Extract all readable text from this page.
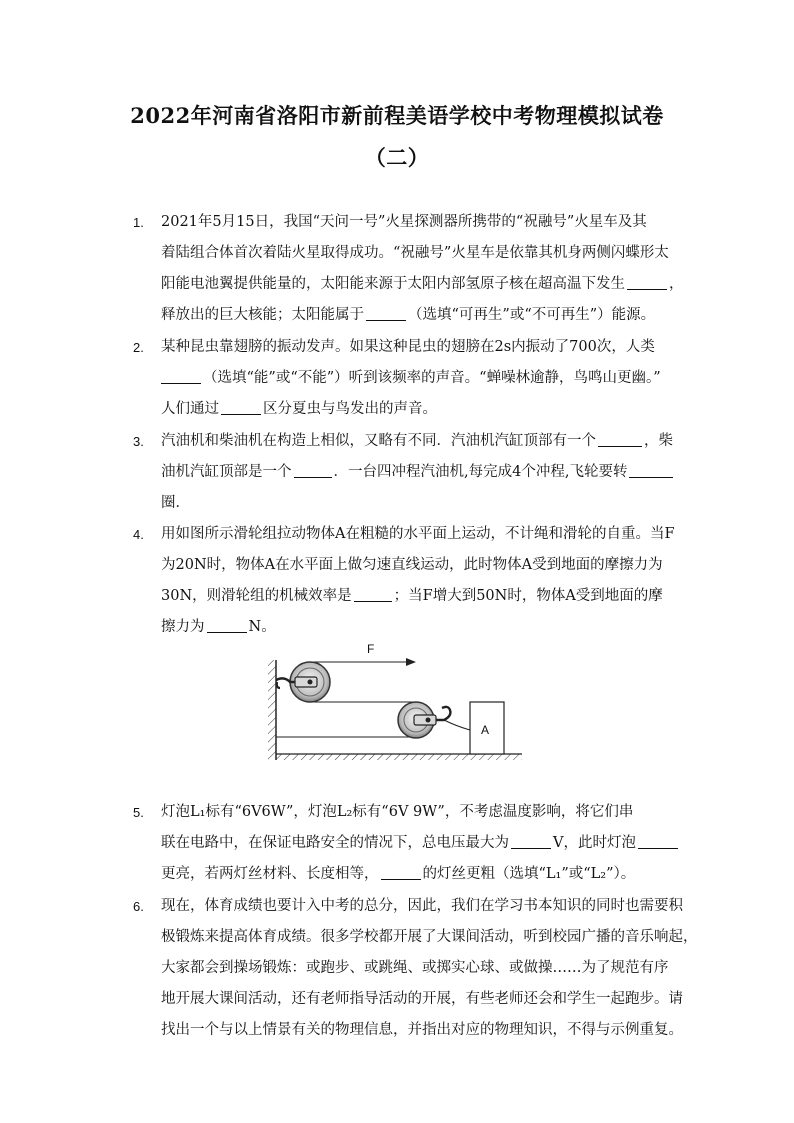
2022年河南省洛阳市新前程美语学校中考物理模拟试卷
（二）
1. 2021年5月15日，我国“天问一号”火星探测器所携带的“祝融号”火星车及其
着陆组合体首次着陆火星取得成功。“祝融号”火星车是依靠其机身两侧闪蝶形太
阳能电池翼提供能量的，太阳能来源于太阳内部氢原子核在超高温下发生	，
释放出的巨大核能；太阳能属于	（选填“可再生”或“不可再生”）能源。
2. 某种昆虫靠翅膀的振动发声。如果这种昆虫的翅膀在2s内振动了700次，人类
（选填“能”或“不能”）听到该频率的声音。“蝉噪林逾静，鸟鸣山更幽。”
人们通过	区分夏虫与鸟发出的声音。
3. 汽油机和柴油机在构造上相似，又略有不同．汽油机汽缸顶部有一个	，柴
油机汽缸顶部是一个	．一台四冲程汽油机,每完成4个冲程,飞轮要转
圈．
4. 用如图所示滑轮组拉动物体A在粗糙的水平面上运动，不计绳和滑轮的自重。当F
为20N时，物体A在水平面上做匀速直线运动，此时物体A受到地面的摩擦力为
30N，则滑轮组的机械效率是	；当F增大到50N时，物体A受到地面的摩
擦力为	N。
F
A
5. 灯泡L₁标有“6V6W”，灯泡L₂标有“6V 9W”，不考虑温度影响，将它们串
联在电路中，在保证电路安全的情况下，总电压最大为	V，此时灯泡
更亮，若两灯丝材料、长度相等，	的灯丝更粗（选填“L₁”或“L₂”）。
6. 现在，体育成绩也要计入中考的总分，因此，我们在学习书本知识的同时也需要积
极锻炼来提高体育成绩。很多学校都开展了大课间活动，听到校园广播的音乐响起，
大家都会到操场锻炼：或跑步、或跳绳、或掷实心球、或做操……为了规范有序
地开展大课间活动，还有老师指导活动的开展，有些老师还会和学生一起跑步。请
找出一个与以上情景有关的物理信息，并指出对应的物理知识，不得与示例重复。
